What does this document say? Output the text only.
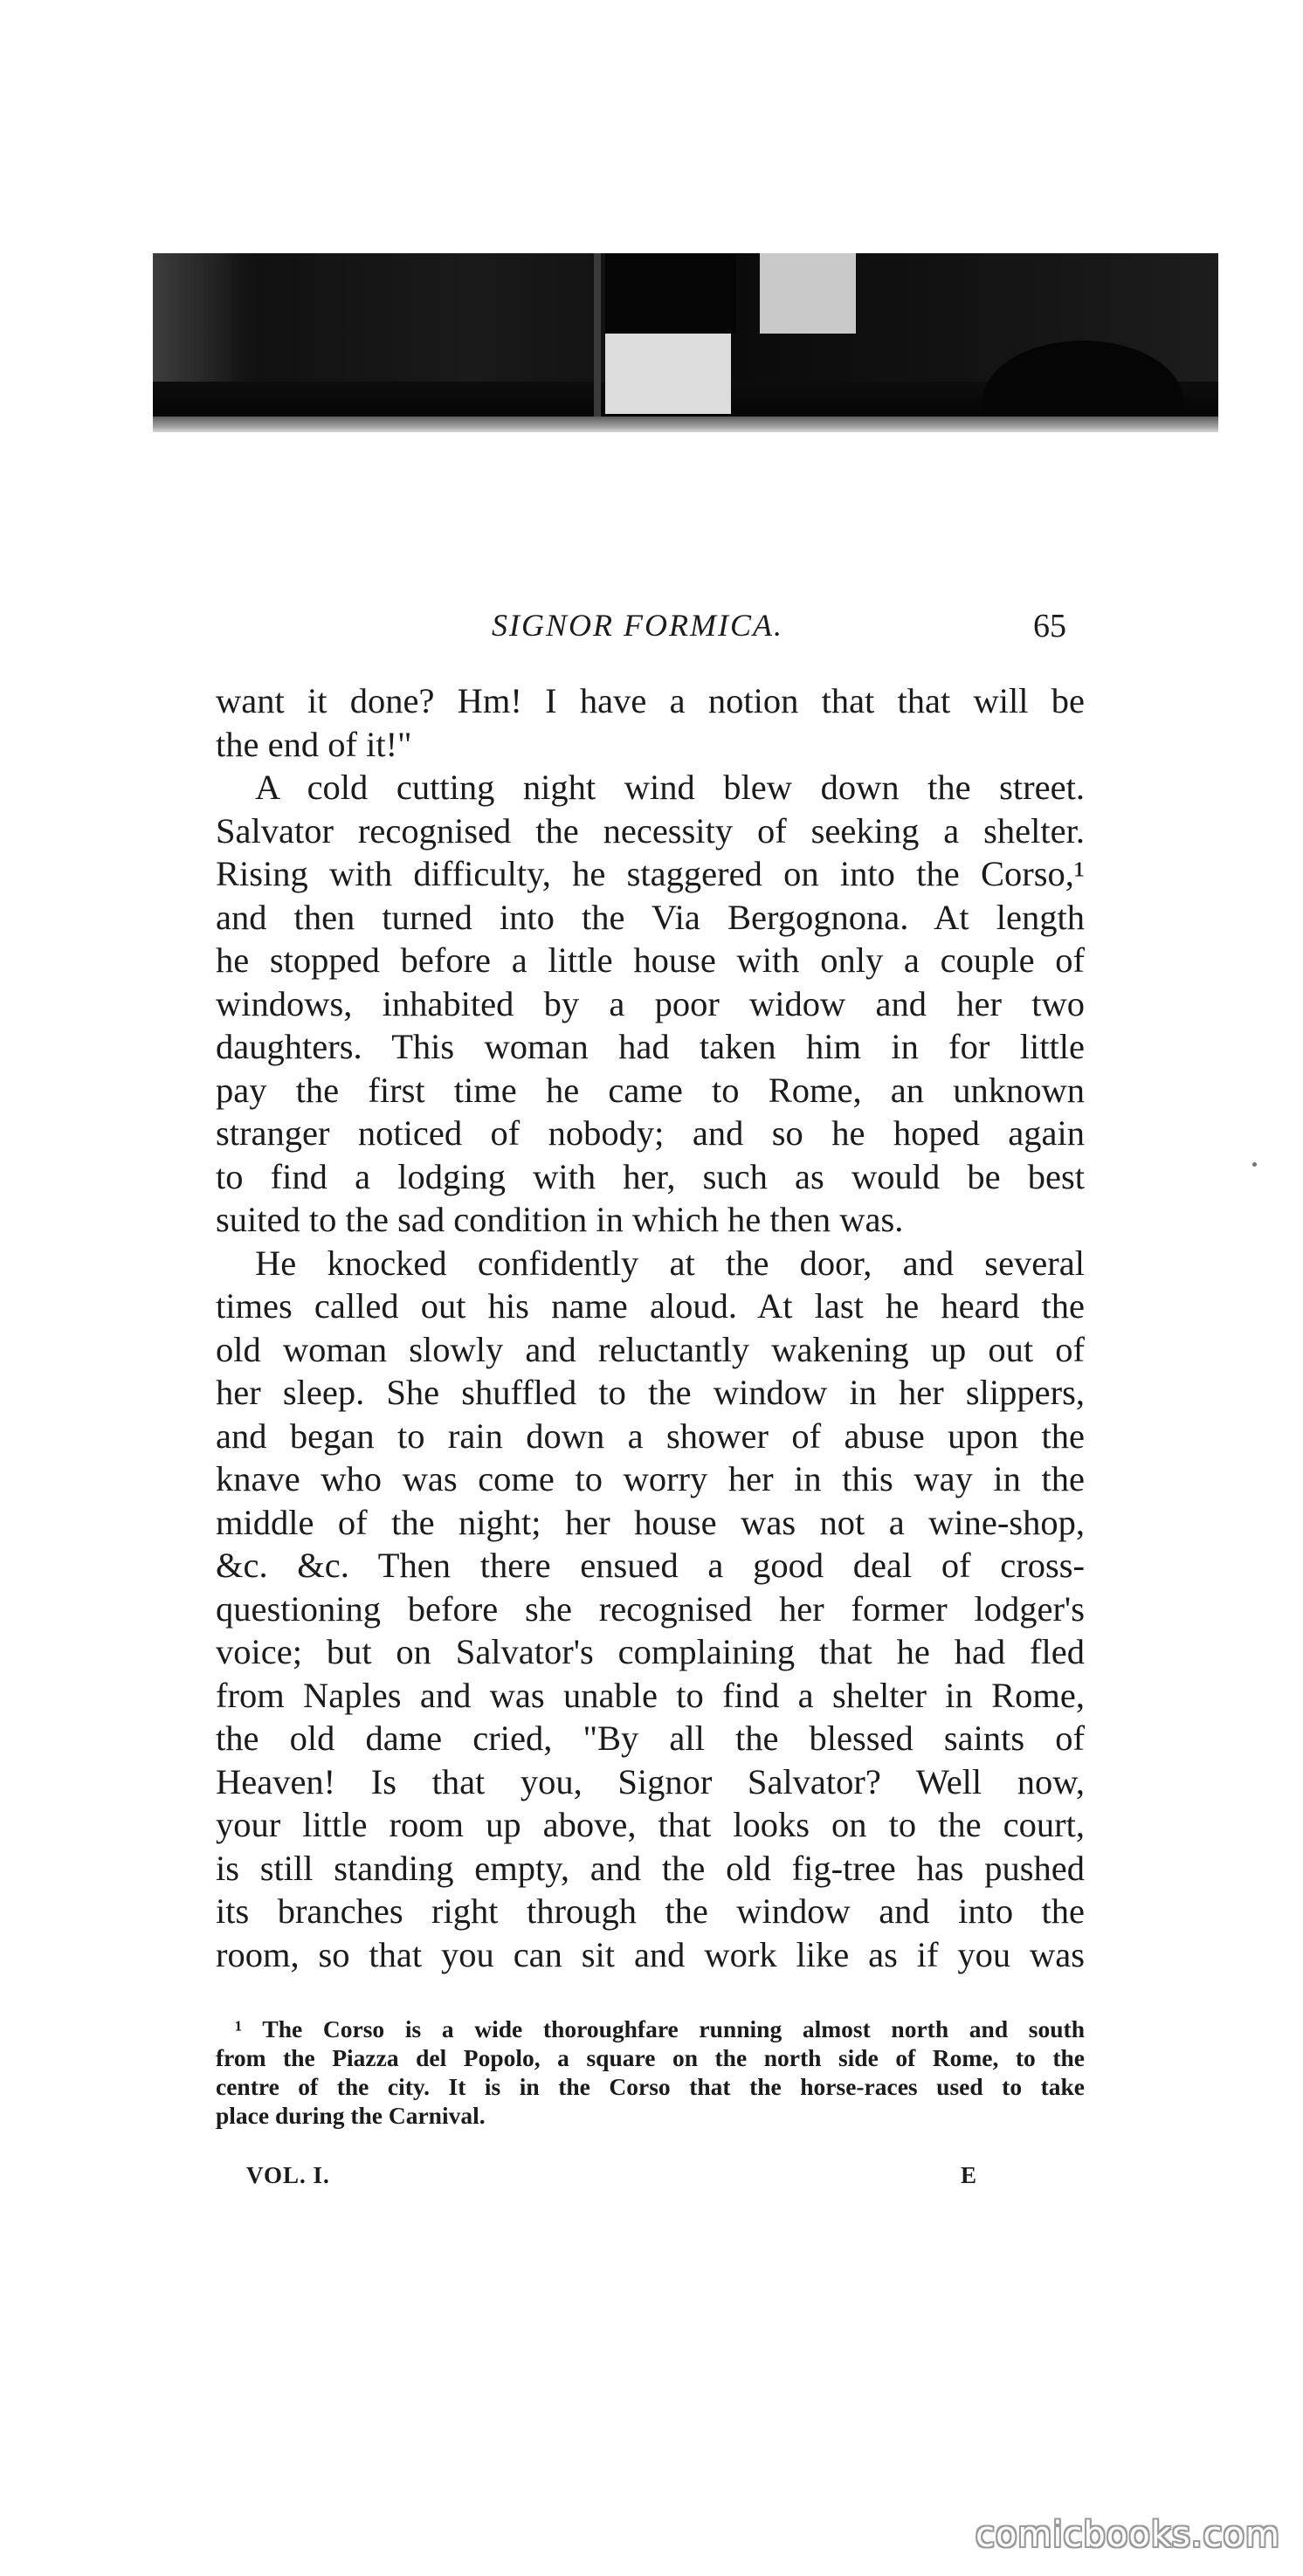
SIGNOR FORMICA.	65
want it done? Hm! I have a notion that that will be
the end of it!"
A cold cutting night wind blew down the street.
Salvator recognised the necessity of seeking a shelter.
Rising with difficulty, he staggered on into the Corso,¹
and then turned into the Via Bergognona. At length
he stopped before a little house with only a couple of
windows, inhabited by a poor widow and her two
daughters. This woman had taken him in for little
pay the first time he came to Rome, an unknown
stranger noticed of nobody; and so he hoped again
to find a lodging with her, such as would be best
suited to the sad condition in which he then was.
He knocked confidently at the door, and several
times called out his name aloud. At last he heard the
old woman slowly and reluctantly wakening up out of
her sleep. She shuffled to the window in her slippers,
and began to rain down a shower of abuse upon the
knave who was come to worry her in this way in the
middle of the night; her house was not a wine-shop,
&c. &c. Then there ensued a good deal of cross-
questioning before she recognised her former lodger's
voice; but on Salvator's complaining that he had fled
from Naples and was unable to find a shelter in Rome,
the old dame cried, "By all the blessed saints of
Heaven! Is that you, Signor Salvator? Well now,
your little room up above, that looks on to the court,
is still standing empty, and the old fig-tree has pushed
its branches right through the window and into the
room, so that you can sit and work like as if you was
¹ The Corso is a wide thoroughfare running almost north and south
from the Piazza del Popolo, a square on the north side of Rome, to the
centre of the city. It is in the Corso that the horse-races used to take
place during the Carnival.
VOL. I.	E
comicbooks.com
